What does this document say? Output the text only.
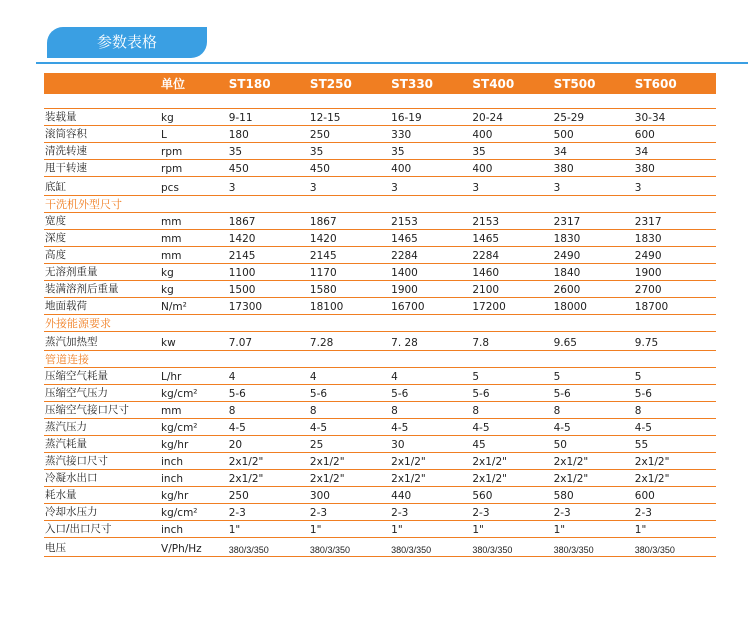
参数表格
单位	ST180	ST250	ST330	ST400	ST500	ST600
装载量	kg	9-11	12-15	16-19	20-24	25-29	30-34
滚筒容积	L	180	250	330	400	500	600
清洗转速	rpm	35	35	35	35	34	34
甩干转速	rpm	450	450	400	400	380	380
底缸	pcs	3	3	3	3	3	3
干洗机外型尺寸
宽度	mm	1867	1867	2153	2153	2317	2317
深度	mm	1420	1420	1465	1465	1830	1830
高度	mm	2145	2145	2284	2284	2490	2490
无溶剂重量	kg	1100	1170	1400	1460	1840	1900
装满溶剂后重量	kg	1500	1580	1900	2100	2600	2700
地面载荷	N/m²	17300	18100	16700	17200	18000	18700
外接能源要求
蒸汽加热型	kw	7.07	7.28	7. 28	7.8	9.65	9.75
管道连接
压缩空气耗量	L/hr	4	4	4	5	5	5
压缩空气压力	kg/cm²	5-6	5-6	5-6	5-6	5-6	5-6
压缩空气接口尺寸	mm	8	8	8	8	8	8
蒸汽压力	kg/cm²	4-5	4-5	4-5	4-5	4-5	4-5
蒸汽耗量	kg/hr	20	25	30	45	50	55
蒸汽接口尺寸	inch	2x1/2"	2x1/2"	2x1/2"	2x1/2"	2x1/2"	2x1/2"
冷凝水出口	inch	2x1/2"	2x1/2"	2x1/2"	2x1/2"	2x1/2"	2x1/2"
耗水量	kg/hr	250	300	440	560	580	600
冷却水压力	kg/cm²	2-3	2-3	2-3	2-3	2-3	2-3
入口/出口尺寸	inch	1"	1"	1"	1"	1"	1"
电压	V/Ph/Hz	380/3/350	380/3/350	380/3/350	380/3/350	380/3/350	380/3/350
